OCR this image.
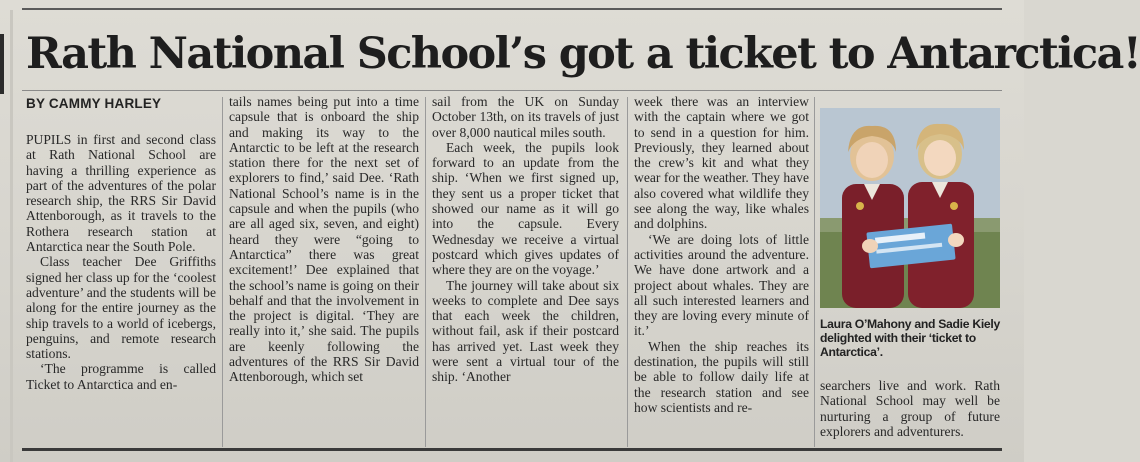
Rath National School’s got a ticket to Antarctica!
BY CAMMY HARLEY

PUPILS in first and second class at Rath National School are having a thrilling experience as part of the adventures of the polar research ship, the RRS Sir David Attenborough, as it travels to the Rothera research station at Antarctica near the South Pole.

Class teacher Dee Griffiths signed her class up for the ‘coolest adventure’ and the students will be along for the entire journey as the ship travels to a world of icebergs, penguins, and remote research stations.

‘The programme is called Ticket to Antarctica and en-

tails names being put into a time capsule that is onboard the ship and making its way to the Antarctic to be left at the research station there for the next set of explorers to find,’ said Dee. ‘Rath National School’s name is in the capsule and when the pupils (who are all aged six, seven, and eight) heard they were “going to Antarctica” there was great excitement!’ Dee explained that the school’s name is going on their behalf and that the involvement in the project is digital. ‘They are really into it,’ she said. The pupils are keenly following the adventures of the RRS Sir David Attenborough, which set

sail from the UK on Sunday October 13th, on its travels of just over 8,000 nautical miles south.

Each week, the pupils look forward to an update from the ship. ‘When we first signed up, they sent us a proper ticket that showed our name as it will go into the capsule. Every Wednesday we receive a virtual postcard which gives updates of where they are on the voyage.’

The journey will take about six weeks to complete and Dee says that each week the children, without fail, ask if their postcard has arrived yet. Last week they were sent a virtual tour of the ship. ‘Another

week there was an interview with the captain where we got to send in a question for him. Previously, they learned about the crew’s kit and what they wear for the weather. They have also covered what wildlife they see along the way, like whales and dolphins.

‘We are doing lots of little activities around the adventure. We have done artwork and a project about whales. They are all such interested learners and they are loving every minute of it.’

When the ship reaches its destination, the pupils will still be able to follow daily life at the research station and see how scientists and re-

Laura O’Mahony and Sadie Kiely delighted with their ‘ticket to Antarctica’.

searchers live and work. Rath National School may well be nurturing a group of future explorers and adventurers.
